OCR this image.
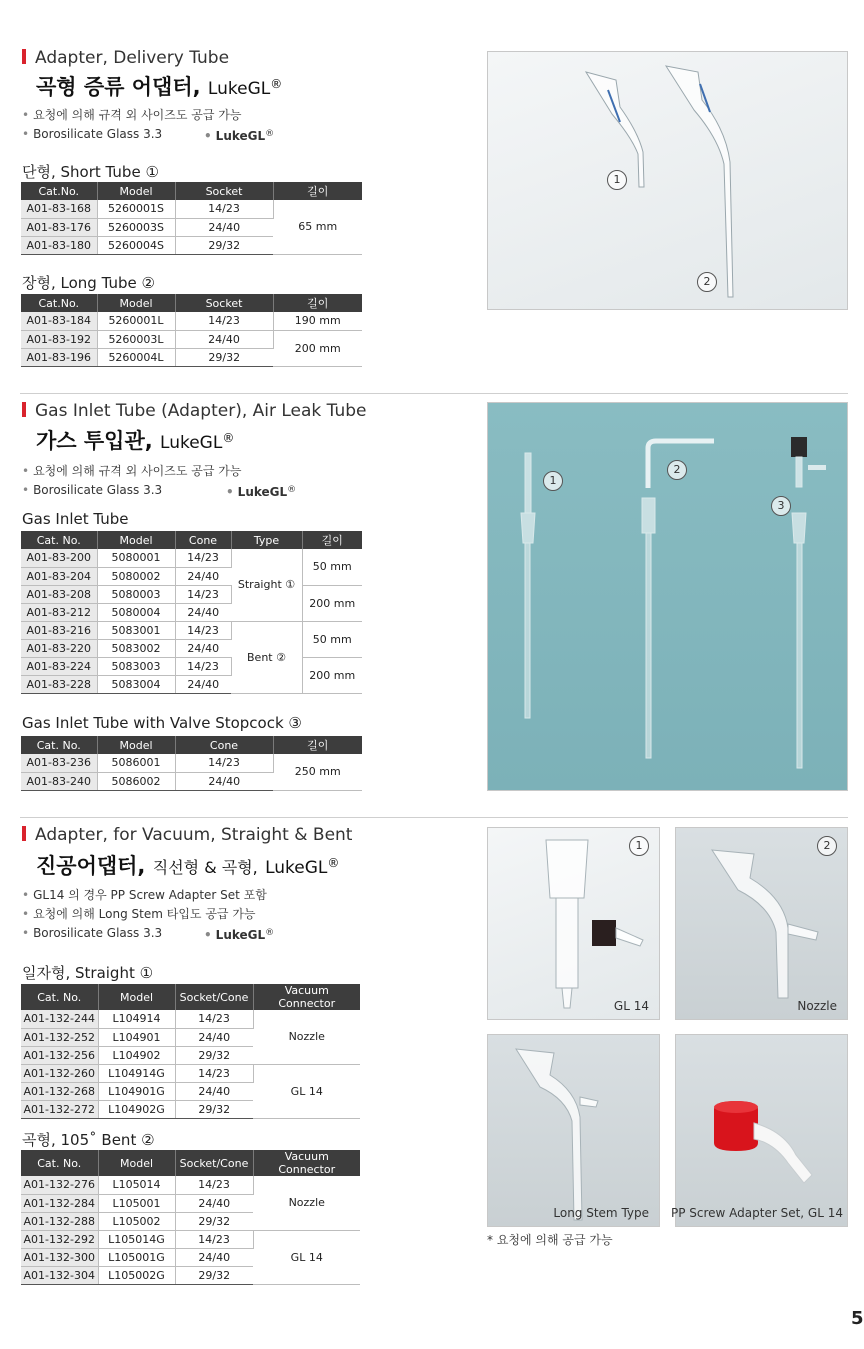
Adapter, Delivery Tube
곡형 증류 어댑터, LukeGL®
• 요청에 의해 규격 외 사이즈도 공급 가능
• Borosilicate Glass 3.3	• LukeGL®
단형, Short Tube ①
Cat.No.	Model	Socket	길이
A01-83-168	5260001S	14/23	65 mm
A01-83-176	5260003S	24/40	
A01-83-180	5260004S	29/32	
장형, Long Tube ②
Cat.No.	Model	Socket	길이
A01-83-184	5260001L	14/23	190 mm
A01-83-192	5260003L	24/40	200 mm
A01-83-196	5260004L	29/32	
1
2
Gas Inlet Tube (Adapter), Air Leak Tube
가스 투입관, LukeGL®
• 요청에 의해 규격 외 사이즈도 공급 가능
• Borosilicate Glass 3.3	• LukeGL®
Gas Inlet Tube
Cat. No.	Model	Cone	Type	길이
A01-83-200	5080001	14/23	Straight ①	50 mm
A01-83-204	5080002	24/40		
A01-83-208	5080003	14/23		200 mm
A01-83-212	5080004	24/40		
A01-83-216	5083001	14/23	Bent ②	50 mm
A01-83-220	5083002	24/40		
A01-83-224	5083003	14/23		200 mm
A01-83-228	5083004	24/40		
Gas Inlet Tube with Valve Stopcock ③
Cat. No.	Model	Cone	길이
A01-83-236	5086001	14/23	250 mm
A01-83-240	5086002	24/40	
1
2
3
Adapter, for Vacuum, Straight & Bent
진공어댑터, 직선형 & 곡형, LukeGL®
• GL14 의 경우 PP Screw Adapter Set 포함
• 요청에 의해 Long Stem 타입도 공급 가능
• Borosilicate Glass 3.3	• LukeGL®
일자형, Straight ①
Cat. No.	Model	Socket/Cone	Vacuum Connector
A01-132-244	L104914	14/23	Nozzle
A01-132-252	L104901	24/40	
A01-132-256	L104902	29/32	
A01-132-260	L104914G	14/23	GL 14
A01-132-268	L104901G	24/40	
A01-132-272	L104902G	29/32	
곡형, 105˚ Bent ②
Cat. No.	Model	Socket/Cone	Vacuum Connector
A01-132-276	L105014	14/23	Nozzle
A01-132-284	L105001	24/40	
A01-132-288	L105002	29/32	
A01-132-292	L105014G	14/23	GL 14
A01-132-300	L105001G	24/40	
A01-132-304	L105002G	29/32	
1
GL 14
2
Nozzle
Long Stem Type PP Screw Adapter Set, GL 14
* 요청에 의해 공급 가능
5
